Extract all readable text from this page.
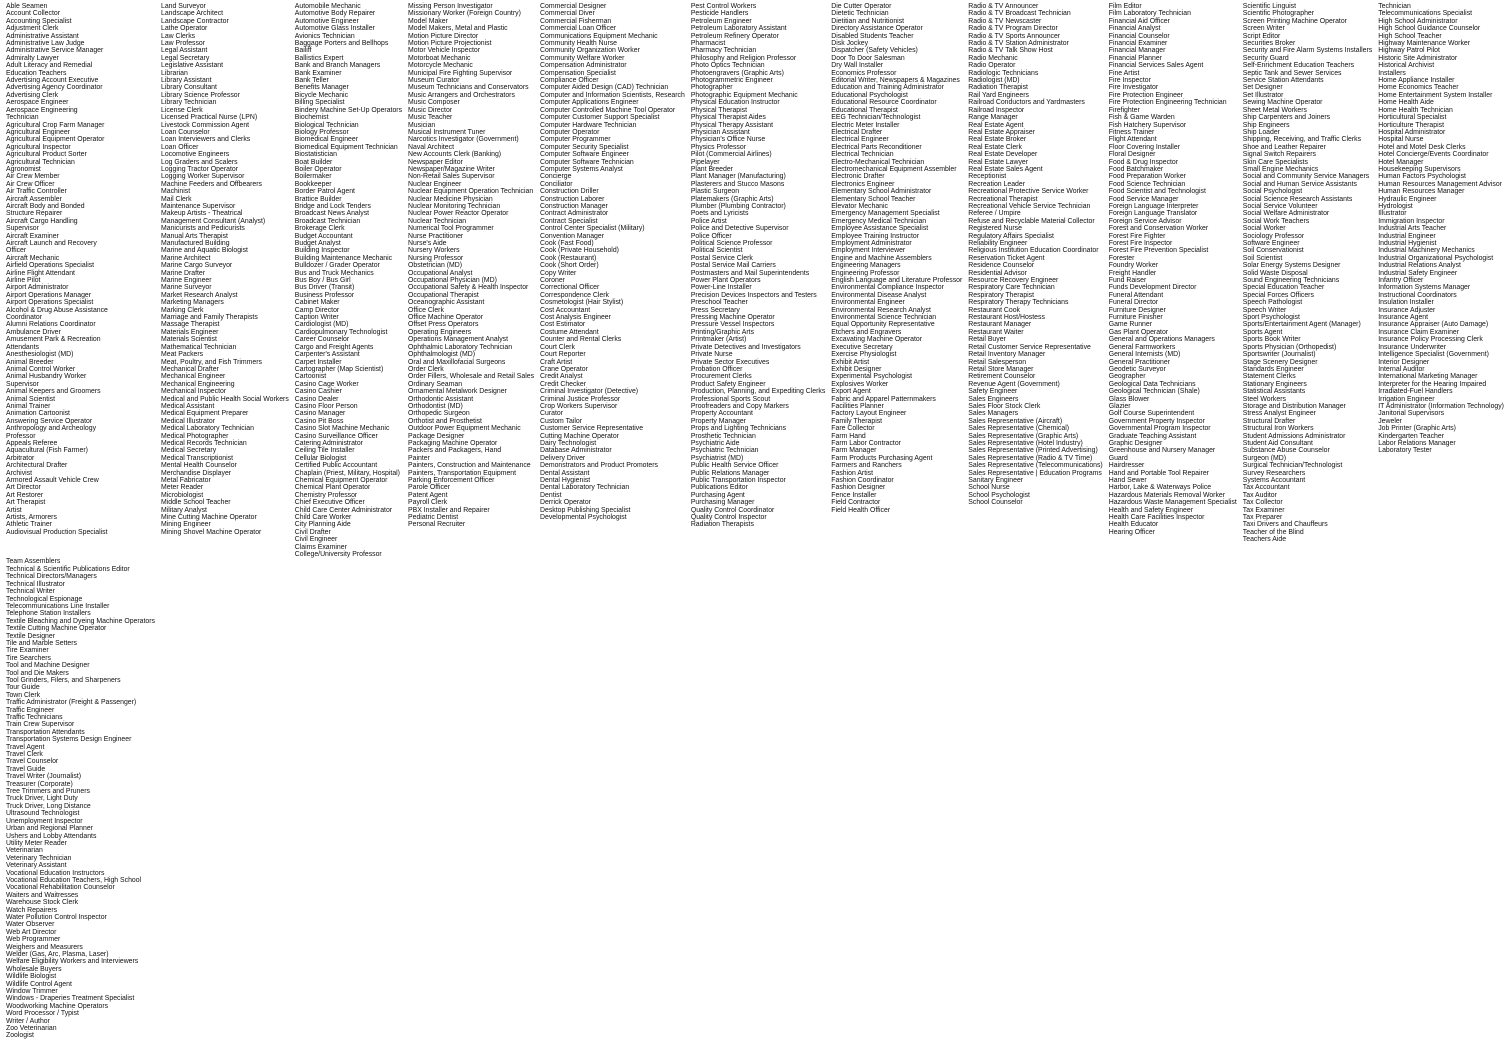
Able Seamen
Account Collector
Accounting Specialist
Adjustment Clerk
Administrative Assistant
Administrative Law Judge
Administrative Service Manager
Admiralty Lawyer
Adult Literacy and Remedial
Education Teachers
Advertising Account Executive
Advertising Agency Coordinator
Advertising Clerk
Aerospace Engineer
Aerospace Engineering
Technician
Agricultural Crop Farm Manager
Agricultural Engineer
Agricultural Equipment Operator
Agricultural Inspector
Agricultural Product Sorter
Agricultural Technician
Agronomist
Air Crew Member
Air Crew Officer
Air Traffic Controller
Aircraft Assembler
Aircraft Body and Bonded
Structure Repairer
Aircraft Cargo Handling
Supervisor
Aircraft Examiner
Aircraft Launch and Recovery
Officer
Aircraft Mechanic
Airfield Operations Specialist
Airline Flight Attendant
Airline Pilot
Airport Administrator
Airport Operations Manager
Airport Operations Specialist
Alcohol & Drug Abuse Assistance
Coordinator
Alumni Relations Coordinator
Ambulance Driver
Amusement Park & Recreation
Attendants
Anesthesiologist (MD)
Animal Breeder
Animal Control Worker
Animal Husbandry Worker
Supervisor
Animal Keepers and Groomers
Animal Scientist
Animal Trainer
Animation Cartoonist
Answering Service Operator
Anthropology and Archeology
Professor
Appeals Referee
Aquacultural (Fish Farmer)
Arbitrator
Architectural Drafter
Archivist
Armored Assault Vehicle Crew
Art Director
Art Restorer
Art Therapist
Artist
Artists, Armorers
Athletic Trainer
Audiovisual Production Specialist
Land Surveyor
Landscape Architect
Landscape Contractor
Lathe Operator
Law Clerks
Law Professor
Legal Assistant
Legal Secretary
Legislative Assistant
Librarian
Library Assistant
Library Consultant
Library Science Professor
Library Technician
License Clerk
Licensed Practical Nurse (LPN)
Livestock Commission Agent
Loan Counselor
Loan Interviewers and Clerks
Loan Officer
Locomotive Engineers
Log Graders and Scalers
Logging Tractor Operator
Logging Worker Supervisor
Machine Feeders and Offbearers
Machinist
Mail Clerk
Maintenance Supervisor
Makeup Artists - Theatrical
Management Consultant (Analyst)
Manicurists and Pedicurists
Manual Arts Therapist
Manufactured Building
Marine and Aquatic Biologist
Marine Architect
Marine Cargo Surveyor
Marine Drafter
Marine Engineer
Marine Surveyor
Market Research Analyst
Marketing Managers
Marking Clerk
Marriage and Family Therapists
Massage Therapist
Materials Engineer
Materials Scientist
Mathematical Technician
Meat Packers
Meat, Poultry, and Fish Trimmers
Mechanical Drafter
Mechanical Engineer
Mechanical Engineering
Mechanical Inspector
Medical and Public Health Social Workers
Medical Assistant
Medical Equipment Preparer
Medical Illustrator
Medical Laboratory Technician
Medical Photographer
Medical Records Technician
Medical Secretary
Medical Transcriptionist
Mental Health Counselor
Merchandise Displayer
Metal Fabricator
Meter Reader
Microbiologist
Middle School Teacher
Military Analyst
Mine Cutting Machine Operator
Mining Engineer
Mining Shovel Machine Operator
Automobile Mechanic
Automotive Body Repairer
Automotive Engineer
Automotive Glass Installer
Avionics Technician
Baggage Porters and Bellhops
Bailiff
Ballistics Expert
Bank and Branch Managers
Bank Examiner
Bank Teller
Benefits Manager
Bicycle Mechanic
Billing Specialist
Bindery Machine Set-Up Operators
Biochemist
Biological Technician
Biology Professor
Biomedical Engineer
Biomedical Equipment Technician
Biostatistician
Boat Builder
Boiler Operator
Boilermaker
Bookkeeper
Border Patrol Agent
Brattice Builder
Bridge and Lock Tenders
Broadcast News Analyst
Broadcast Technician
Brokerage Clerk
Budget Accountant
Budget Analyst
Building Inspector
Building Maintenance Mechanic
Bulldozer / Grader Operator
Bus and Truck Mechanics
Bus Boy / Bus Girl
Bus Driver (Transit)
Business Professor
Cabinet Maker
Camp Director
Caption Writer
Cardiologist (MD)
Cardiopulmonary Technologist
Career Counselor
Cargo and Freight Agents
Carpenter's Assistant
Carpet Installer
Cartographer (Map Scientist)
Cartoonist
Casino Cage Worker
Casino Cashier
Casino Dealer
Casino Floor Person
Casino Manager
Casino Pit Boss
Casino Slot Machine Mechanic
Casino Surveillance Officer
Catering Administrator
Ceiling Tile Installer
Cellular Biologist
Certified Public Accountant
Chaplain (Priest, Military, Hospital)
Chemical Equipment Operator
Chemical Plant Operator
Chemistry Professor
Chief Executive Officer
Child Care Center Administrator
Child Care Worker
City Planning Aide
Civil Drafter
Civil Engineer
Claims Examiner
College/University Professor
Missing Person Investigator
Missionary Worker (Foreign Country)
Model Maker
Model Makers, Metal and Plastic
Motion Picture Director
Motion Picture Projectionist
Motor Vehicle Inspector
Motorboat Mechanic
Motorcycle Mechanic
Municipal Fire Fighting Supervisor
Museum Curator
Museum Technicians and Conservators
Music Arrangers and Orchestrators
Music Composer
Music Director
Music Teacher
Musician
Musical Instrument Tuner
Narcotics Investigator (Government)
Naval Architect
New Accounts Clerk (Banking)
Newspaper Editor
Newspaper/Magazine Writer
Non-Retail Sales Supervisor
Nuclear Engineer
Nuclear Equipment Operation Technician
Nuclear Medicine Physician
Nuclear Monitoring Technician
Nuclear Power Reactor Operator
Nuclear Technician
Numerical Tool Programmer
Nurse Practitioner
Nurse's Aide
Nursery Workers
Nursing Professor
Obstetrician (MD)
Occupational Analyst
Occupational Physician (MD)
Occupational Safety & Health Inspector
Occupational Therapist
Oceanographic Assistant
Office Clerk
Office Machine Operator
Offset Press Operators
Operating Engineers
Operations Management Analyst
Ophthalmic Laboratory Technician
Ophthalmologist (MD)
Oral and Maxillofacial Surgeons
Order Clerk
Order Fillers, Wholesale and Retail Sales
Ordinary Seaman
Ornamental Metalwork Designer
Orthodontic Assistant
Orthodontist (MD)
Orthopedic Surgeon
Orthotist and Prosthetist
Outdoor Power Equipment Mechanic
Package Designer
Packaging Machine Operator
Packers and Packagers, Hand
Painter
Painters, Construction and Maintenance
Painters, Transportation Equipment
Parking Enforcement Officer
Parole Officer
Patent Agent
Payroll Clerk
PBX Installer and Repairer
Pediatric Dentist
Personal Recruiter
Commercial Designer
Commercial Diver
Commercial Fisherman
Commercial Loan Officer
Communications Equipment Mechanic
Community Health Nurse
Community Organization Worker
Community Welfare Worker
Compensation Administrator
Compensation Specialist
Compliance Officer
Computer Aided Design (CAD) Technician
Computer and Information Scientists, Research
Computer Applications Engineer
Computer Controlled Machine Tool Operator
Computer Customer Support Specialist
Computer Hardware Technician
Computer Operator
Computer Programmer
Computer Security Specialist
Computer Software Engineer
Computer Software Technician
Computer Systems Analyst
Concierge
Conciliator
Construction Driller
Construction Laborer
Construction Manager
Contract Administrator
Contract Specialist
Control Center Specialist (Military)
Convention Manager
Cook (Fast Food)
Cook (Private Household)
Cook (Restaurant)
Cook (Short Order)
Copy Writer
Coroner
Correctional Officer
Correspondence Clerk
Cosmetologist (Hair Stylist)
Cost Accountant
Cost Analysis Engineer
Cost Estimator
Costume Attendant
Counter and Rental Clerks
Court Clerk
Court Reporter
Craft Artist
Crane Operator
Credit Analyst
Credit Checker
Criminal Investigator (Detective)
Criminal Justice Professor
Crop Workers Supervisor
Curator
Custom Tailor
Customer Service Representative
Cutting Machine Operator
Dairy Technologist
Database Administrator
Delivery Driver
Demonstrators and Product Promoters
Dental Assistant
Dental Hygienist
Dental Laboratory Technician
Dentist
Derrick Operator
Desktop Publishing Specialist
Developmental Psychologist
Pest Control Workers
Pesticide Handlers
Petroleum Engineer
Petroleum Laboratory Assistant
Petroleum Refinery Operator
Pharmacist
Pharmacy Technician
Philosophy and Religion Professor
Photo Optics Technician
Photoengravers (Graphic Arts)
Photogrammetric Engineer
Photographer
Photographic Equipment Mechanic
Physical Education Instructor
Physical Therapist
Physical Therapist Aides
Physical Therapy Assistant
Physician Assistant
Physician's Office Nurse
Physics Professor
Pilot (Commercial Airlines)
Pipelayer
Plant Breeder
Plant Manager (Manufacturing)
Plasterers and Stucco Masons
Plastic Surgeon
Platemakers (Graphic Arts)
Plumber (Plumbing Contractor)
Poets and Lyricists
Police Artist
Police and Detective Supervisor
Police Officer
Political Science Professor
Political Scientist
Postal Service Clerk
Postal Service Mail Carriers
Postmasters and Mail Superintendents
Power Plant Operators
Power-Line Installer
Precision Devices Inspectors and Testers
Preschool Teacher
Press Secretary
Pressing Machine Operator
Pressure Vessel Inspectors
Printing/Graphic Arts
Printmaker (Artist)
Private Detectives and Investigators
Private Nurse
Private Sector Executives
Probation Officer
Procurement Clerks
Product Safety Engineer
Production, Planning, and Expediting Clerks
Professional Sports Scout
Proofreaders and Copy Markers
Property Accountant
Property Manager
Props and Lighting Technicians
Prosthetic Technician
Psychiatric Aide
Psychiatric Technician
Psychiatrist (MD)
Public Health Service Officer
Public Relations Manager
Public Transportation Inspector
Publications Editor
Purchasing Agent
Purchasing Manager
Quality Control Coordinator
Quality Control Inspector
Radiation Therapists
Die Cutter Operator
Dietetic Technician
Dietitian and Nutritionist
Directory Assistance Operator
Disabled Students Teacher
Disk Jockey
Dispatcher (Safety Vehicles)
Door To Door Salesman
Dry Wall Installer
Economics Professor
Editorial Writer, Newspapers & Magazines
Education and Training Administrator
Educational Psychologist
Educational Resource Coordinator
Educational Therapist
EEG Technician/Technologist
Electric Meter Installer
Electrical Drafter
Electrical Engineer
Electrical Parts Reconditioner
Electrical Technician
Electro-Mechanical Technician
Electromechanical Equipment Assembler
Electronic Drafter
Electronics Engineer
Elementary School Administrator
Elementary School Teacher
Elevator Mechanic
Emergency Management Specialist
Emergency Medical Technician
Employee Assistance Specialist
Employee Training Instructor
Employment Administrator
Employment Interviewer
Engine and Machine Assemblers
Engineering Managers
Engineering Professor
English Language and Literature Professor
Environmental Compliance Inspector
Environmental Disease Analyst
Environmental Engineer
Environmental Research Analyst
Environmental Science Technician
Equal Opportunity Representative
Etchers and Engravers
Excavating Machine Operator
Executive Secretary
Exercise Physiologist
Exhibit Artist
Exhibit Designer
Experimental Psychologist
Explosives Worker
Export Agent
Fabric and Apparel Patternmakers
Facilities Planner
Factory Layout Engineer
Family Therapist
Fare Collector
Farm Hand
Farm Labor Contractor
Farm Manager
Farm Products Purchasing Agent
Farmers and Ranchers
Fashion Artist
Fashion Coordinator
Fashion Designer
Fence Installer
Field Contractor
Field Health Officer
Radio & TV Announcer
Radio & TV Broadcast Technician
Radio & TV Newscaster
Radio & TV Program Director
Radio & TV Sports Announcer
Radio & TV Station Administrator
Radio & TV Talk Show Host
Radio Mechanic
Radio Operator
Radiologic Technicians
Radiologist (MD)
Radiation Therapist
Rail Yard Engineers
Railroad Conductors and Yardmasters
Railroad Inspector
Range Manager
Real Estate Agent
Real Estate Appraiser
Real Estate Broker
Real Estate Clerk
Real Estate Developer
Real Estate Lawyer
Real Estate Sales Agent
Receptionist
Recreation Leader
Recreational Protective Service Worker
Recreational Therapist
Recreational Vehicle Service Technician
Referee / Umpire
Refuse and Recyclable Material Collector
Registered Nurse
Regulatory Affairs Specialist
Reliability Engineer
Religious Institution Education Coordinator
Reservation Ticket Agent
Residence Counselor
Residential Advisor
Resource Recovery Engineer
Respiratory Care Technician
Respiratory Therapist
Respiratory Therapy Technicians
Restaurant Cook
Restaurant Host/Hostess
Restaurant Manager
Restaurant Waiter
Retail Buyer
Retail Customer Service Representative
Retail Inventory Manager
Retail Salesperson
Retail Store Manager
Retirement Counselor
Revenue Agent (Government)
Safety Engineer
Sales Engineers
Sales Floor Stock Clerk
Sales Managers
Sales Representative (Aircraft)
Sales Representative (Chemical)
Sales Representative (Graphic Arts)
Sales Representative (Hotel Industry)
Sales Representative (Printed Advertising)
Sales Representative (Radio & TV Time)
Sales Representative (Telecommunications)
Sales Representative | Education Programs
Sanitary Engineer
School Nurse
School Psychologist
School Counselor
Film Editor
Film Laboratory Technician
Financial Aid Officer
Financial Analyst
Financial Counselor
Financial Examiner
Financial Manager
Financial Planner
Financial Services Sales Agent
Fine Artist
Fire Inspector
Fire Investigator
Fire Protection Engineer
Fire Protection Engineering Technician
Firefighter
Fish & Game Warden
Fish Hatchery Supervisor
Fitness Trainer
Flight Attendant
Floor Covering Installer
Floral Designer
Food & Drug Inspector
Food Batchmaker
Food Preparation Worker
Food Science Technician
Food Scientist and Technologist
Food Service Manager
Foreign Language Interpreter
Foreign Language Translator
Foreign Service Advisor
Forest and Conservation Worker
Forest Fire Fighter
Forest Fire Inspector
Forest Fire Prevention Specialist
Forester
Foundry Worker
Freight Handler
Fund Raiser
Funds Development Director
Funeral Attendant
Funeral Director
Furniture Designer
Furniture Finisher
Game Runner
Gas Plant Operator
General and Operations Managers
General Farmworkers
General Internists (MD)
General Practitioner
Geodetic Surveyor
Geographer
Geological Data Technicians
Geological Technician (Shale)
Glass Blower
Glazier
Golf Course Superintendent
Government Property Inspector
Governmental Program Inspector
Graduate Teaching Assistant
Graphic Designer
Greenhouse and Nursery Manager
Guard
Hairdresser
Hand and Portable Tool Repairer
Hand Sewer
Harbor, Lake & Waterways Police
Hazardous Materials Removal Worker
Hazardous Waste Management Specialist
Health and Safety Engineer
Health Care Facilities Inspector
Health Educator
Hearing Officer
Scientific Linguist
Scientific Photographer
Screen Printing Machine Operator
Screen Writer
Script Editor
Securities Broker
Security and Fire Alarm Systems Installers
Security Guard
Self-Enrichment Education Teachers
Septic Tank and Sewer Services
Service Station Attendants
Set Designer
Set Illustrator
Sewing Machine Operator
Sheet Metal Workers
Ship Carpenters and Joiners
Ship Engineers
Ship Loader
Shipping, Receiving, and Traffic Clerks
Shoe and Leather Repairer
Signal Switch Repairers
Skin Care Specialists
Small Engine Mechanics
Social and Community Service Managers
Social and Human Service Assistants
Social Psychologist
Social Science Research Assistants
Social Service Volunteer
Social Welfare Administrator
Social Work Teachers
Social Worker
Sociology Professor
Software Engineer
Soil Conservationist
Soil Scientist
Solar Energy Systems Designer
Solid Waste Disposal
Sound Engineering Technicians
Special Education Teacher
Special Forces Officers
Speech Pathologist
Speech Writer
Sport Psychologist
Sports/Entertainment Agent (Manager)
Sports Agent
Sports Book Writer
Sports Physician (Orthopedist)
Sportswriter (Journalist)
Stage Scenery Designer
Standards Engineer
Statement Clerks
Stationary Engineers
Statistical Assistants
Steel Workers
Storage and Distribution Manager
Stress Analyst Engineer
Structural Drafter
Structural Iron Workers
Student Admissions Administrator
Student Aid Consultant
Substance Abuse Counselor
Surgeon (MD)
Surgical Technician/Technologist
Survey Researchers
Systems Accountant
Tax Accountant
Tax Auditor
Tax Collector
Tax Examiner
Tax Preparer
Taxi Drivers and Chauffeurs
Teacher of the Blind
Teachers Aide
Technician
Telecommunications Specialist
High School Administrator
High School Guidance Counselor
High School Teacher
Highway Maintenance Worker
Highway Patrol Pilot
Historic Site Administrator
Historical Archivist
Installers
Home Appliance Installer
Home Economics Teacher
Home Entertainment System Installer
Home Health Aide
Home Health Technician
Horticultural Specialist
Horticulture Therapist
Hospital Administrator
Hospital Nurse
Hotel and Motel Desk Clerks
Hotel Concierge/Events Coordinator
Hotel Manager
Housekeeping Supervisors
Human Factors Psychologist
Human Resources Management Advisor
Human Resources Manager
Hydraulic Engineer
Hydrologist
Illustrator
Immigration Inspector
Industrial Arts Teacher
Industrial Engineer
Industrial Hygienist
Industrial Machinery Mechanics
Industrial Organizational Psychologist
Industrial Relations Analyst
Industrial Safety Engineer
Infantry Officer
Information Systems Manager
Instructional Coordinators
Insulation Installer
Insurance Adjuster
Insurance Agent
Insurance Appraiser (Auto Damage)
Insurance Claim Examiner
Insurance Policy Processing Clerk
Insurance Underwriter
Intelligence Specialist (Government)
Interior Designer
Internal Auditor
International Marketing Manager
Interpreter for the Hearing Impaired
Irradiated-Fuel Handlers
Irrigation Engineer
IT Administrator (Information Technology)
Janitorial Supervisors
Jeweler
Job Printer (Graphic Arts)
Kindergarten Teacher
Labor Relations Manager
Laboratory Tester
Team Assemblers
Technical & Scientific Publications Editor
Technical Directors/Managers
Technical Illustrator
Technical Writer
Technological Espionage
Telecommunications Line Installer
Telephone Station Installers
Textile Bleaching and Dyeing Machine Operators
Textile Cutting Machine Operator
Textile Designer
Tile and Marble Setters
Tire Examiner
Tire Searchers
Tool and Machine Designer
Tool and Die Makers
Tool Grinders, Filers, and Sharpeners
Tour Guide
Town Clerk
Traffic Administrator (Freight & Passenger)
Traffic Engineer
Traffic Technicians
Train Crew Supervisor
Transportation Attendants
Transportation Systems Design Engineer
Travel Agent
Travel Clerk
Travel Counselor
Travel Guide
Travel Writer (Journalist)
Treasurer (Corporate)
Tree Trimmers and Pruners
Truck Driver, Light Duty
Truck Driver, Long Distance
Ultrasound Technologist
Unemployment Inspector
Urban and Regional Planner
Ushers and Lobby Attendants
Utility Meter Reader
Veterinarian
Veterinary Technician
Veterinary Assistant
Vocational Education Instructors
Vocational Education Teachers, High School
Vocational Rehabilitation Counselor
Waiters and Waitresses
Warehouse Stock Clerk
Watch Repairers
Water Pollution Control Inspector
Water Observer
Web Art Director
Web Programmer
Weighers and Measurers
Welder (Gas, Arc, Plasma, Laser)
Welfare Eligibility Workers and Interviewers
Wholesale Buyers
Wildlife Biologist
Wildlife Control Agent
Window Trimmer
Windows - Draperies Treatment Specialist
Woodworking Machine Operators
Word Processor / Typist
Writer / Author
Zoo Veterinarian
Zoologist
